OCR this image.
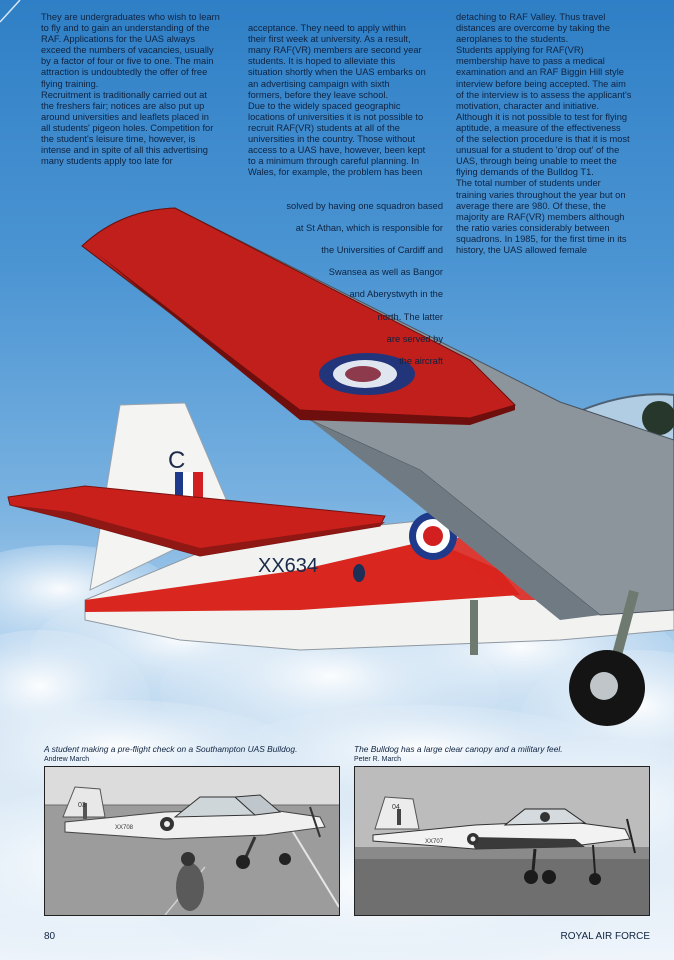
They are undergraduates who wish to learn
to fly and to gain an understanding of the
RAF. Applications for the UAS always
exceed the numbers of vacancies, usually
by a factor of four or five to one. The main
attraction is undoubtedly the offer of free
flying training.
Recruitment is traditionally carried out at
the freshers fair; notices are also put up
around universities and leaflets placed in
all students' pigeon holes. Competition for
the student's leisure time, however, is
intense and in spite of all this advertising
many students apply too late for

acceptance. They need to apply within
their first week at university. As a result,
many RAF(VR) members are second year
students. It is hoped to alleviate this
situation shortly when the UAS embarks on
an advertising campaign with sixth
formers, before they leave school.
Due to the widely spaced geographic
locations of universities it is not possible to
recruit RAF(VR) students at all of the
universities in the country. Those without
access to a UAS have, however, been kept
to a minimum through careful planning. In
Wales, for example, the problem has been

solved by having one squadron based

at St Athan, which is responsible for

the Universities of Cardiff and

Swansea as well as Bangor

and Aberystwyth in the

north. The latter

are served by

the aircraft

detaching to RAF Valley. Thus travel
distances are overcome by taking the
aeroplanes to the students.
Students applying for RAF(VR)
membership have to pass a medical
examination and an RAF Biggin Hill style
interview before being accepted. The aim
of the interview is to assess the applicant's
motivation, character and initiative.
Although it is not possible to test for flying
aptitude, a measure of the effectiveness
of the selection procedure is that it is most
unusual for a student to 'drop out' of the
UAS, through being unable to meet the
flying demands of the Bulldog T1.
The total number of students under
training varies throughout the year but on
average there are 980. Of these, the
majority are RAF(VR) members although
the ratio varies considerably between
squadrons. In 1985, for the first time in its
history, the UAS allowed female
C
XX634
A student making a pre-flight check on a Southampton UAS Bulldog.
Andrew March
The Bulldog has a large clear canopy and a military feel.
Peter R. March
03
XX708
04
XX707
80	ROYAL AIR FORCE
